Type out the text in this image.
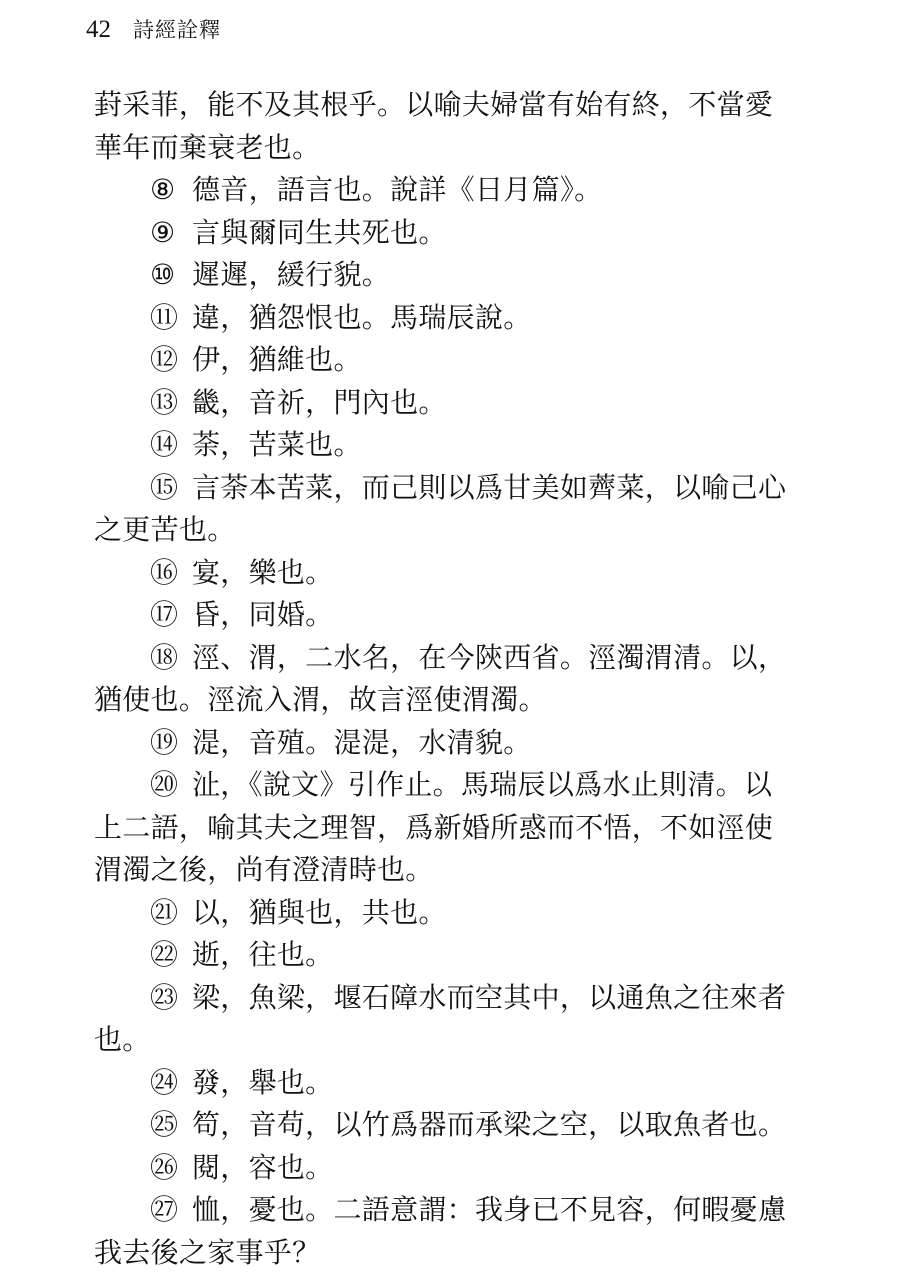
42 詩經詮釋

葑采菲，能不及其根乎。以喻夫婦當有始有終，不當愛華年而棄衰老也。

⑧ 德音，語言也。說詳《日月篇》。

⑨ 言與爾同生共死也。

⑩ 遲遲，緩行貌。

⑪ 違，猶怨恨也。馬瑞辰說。

⑫ 伊，猶維也。

⑬ 畿，音祈，門內也。

⑭ 荼，苦菜也。

⑮ 言荼本苦菜，而己則以爲甘美如薺菜，以喻己心之更苦也。

⑯ 宴，樂也。

⑰ 昏，同婚。

⑱ 涇、渭，二水名，在今陝西省。涇濁渭清。以，猶使也。涇流入渭，故言涇使渭濁。

⑲ 湜，音殖。湜湜，水清貌。

⑳ 沚，《說文》引作止。馬瑞辰以爲水止則清。以上二語，喻其夫之理智，爲新婚所惑而不悟，不如涇使渭濁之後，尚有澄清時也。

㉑ 以，猶與也，共也。

㉒ 逝，往也。

㉓ 梁，魚梁，堰石障水而空其中，以通魚之往來者也。

㉔ 發，舉也。

㉕ 笱，音苟，以竹爲器而承梁之空，以取魚者也。

㉖ 閱，容也。

㉗ 恤，憂也。二語意謂：我身已不見容，何暇憂慮我去後之家事乎？
